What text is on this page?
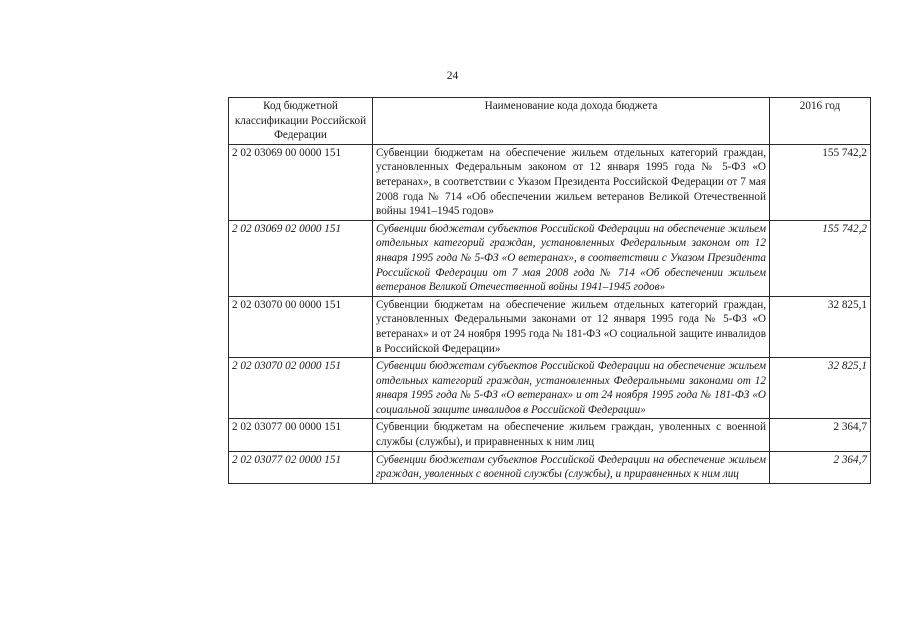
24
Код бюджетной классификации Российской Федерации	Наименование кода дохода бюджета	2016 год
2 02 03069 00 0000 151	Субвенции бюджетам на обеспечение жильем отдельных категорий граждан, установленных Федеральным законом от 12 января 1995 года № 5-ФЗ «О ветеранах», в соответствии с Указом Президента Российской Федерации от 7 мая 2008 года № 714 «Об обеспечении жильем ветеранов Великой Отечественной войны 1941–1945 годов»	155 742,2
2 02 03069 02 0000 151	Субвенции бюджетам субъектов Российской Федерации на обеспечение жильем отдельных категорий граждан, установленных Федеральным законом от 12 января 1995 года № 5-ФЗ «О ветеранах», в соответствии с Указом Президента Российской Федерации от 7 мая 2008 года № 714 «Об обеспечении жильем ветеранов Великой Отечественной войны 1941–1945 годов»	155 742,2
2 02 03070 00 0000 151	Субвенции бюджетам на обеспечение жильем отдельных категорий граждан, установленных Федеральными законами от 12 января 1995 года № 5-ФЗ «О ветеранах» и от 24 ноября 1995 года № 181-ФЗ «О социальной защите инвалидов в Российской Федерации»	32 825,1
2 02 03070 02 0000 151	Субвенции бюджетам субъектов Российской Федерации на обеспечение жильем отдельных категорий граждан, установленных Федеральными законами от 12 января 1995 года № 5-ФЗ «О ветеранах» и от 24 ноября 1995 года № 181-ФЗ «О социальной защите инвалидов в Российской Федерации»	32 825,1
2 02 03077 00 0000 151	Субвенции бюджетам на обеспечение жильем граждан, уволенных с военной службы (службы), и приравненных к ним лиц	2 364,7
2 02 03077 02 0000 151	Субвенции бюджетам субъектов Российской Федерации на обеспечение жильем граждан, уволенных с военной службы (службы), и приравненных к ним лиц	2 364,7
